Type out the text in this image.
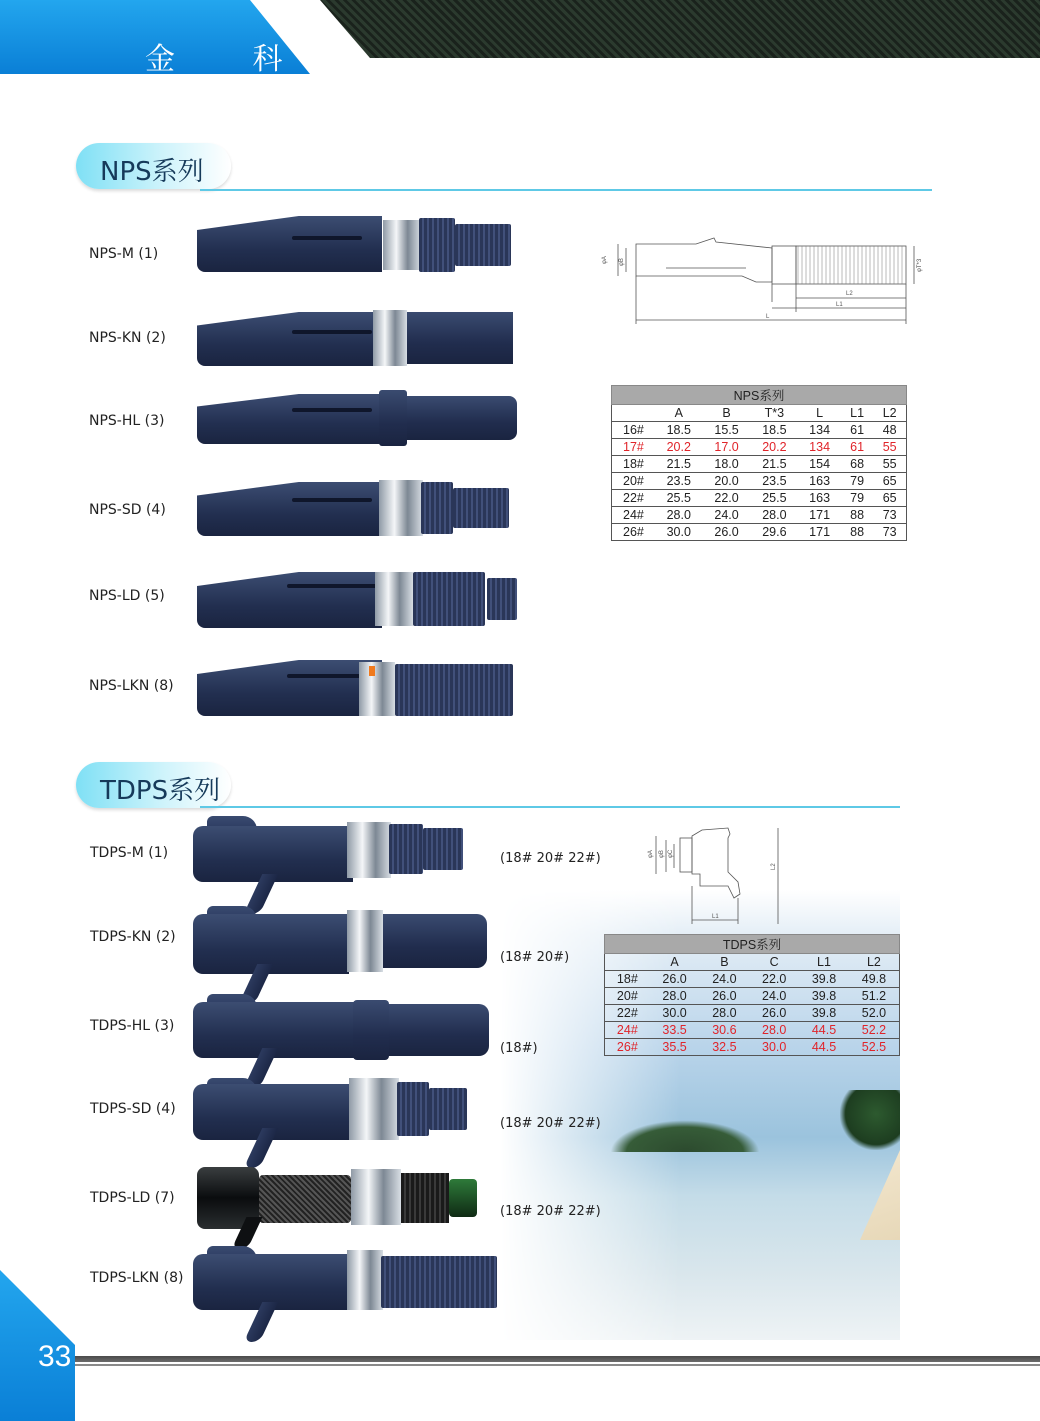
金 科
NPS系列
NPS-M (1)
NPS-KN (2)
NPS-HL (3)
NPS-SD (4)
NPS-LD (5)
NPS-LKN (8)
φA φB	φT*3
L2
L1
L
NPS系列						
	A	B	T*3	L	L1	L2
16#	18.5	15.5	18.5	134	61	48
17#	20.2	17.0	20.2	134	61	55
18#	21.5	18.0	21.5	154	68	55
20#	23.5	20.0	23.5	163	79	65
22#	25.5	22.0	25.5	163	79	65
24#	28.0	24.0	28.0	171	88	73
26#	30.0	26.0	29.6	171	88	73
TDPS系列
TDPS-M (1)
TDPS-KN (2)
TDPS-HL (3)
TDPS-SD (4)
TDPS-LD (7)
TDPS-LKN (8)
(18# 20# 22#)
(18# 20#)
(18#)
(18# 20# 22#)
(18# 20# 22#)
φA φB φC
L2
L1
TDPS系列					
	A	B	C	L1	L2
18#	26.0	24.0	22.0	39.8	49.8
20#	28.0	26.0	24.0	39.8	51.2
22#	30.0	28.0	26.0	39.8	52.0
24#	33.5	30.6	28.0	44.5	52.2
26#	35.5	32.5	30.0	44.5	52.5
33
